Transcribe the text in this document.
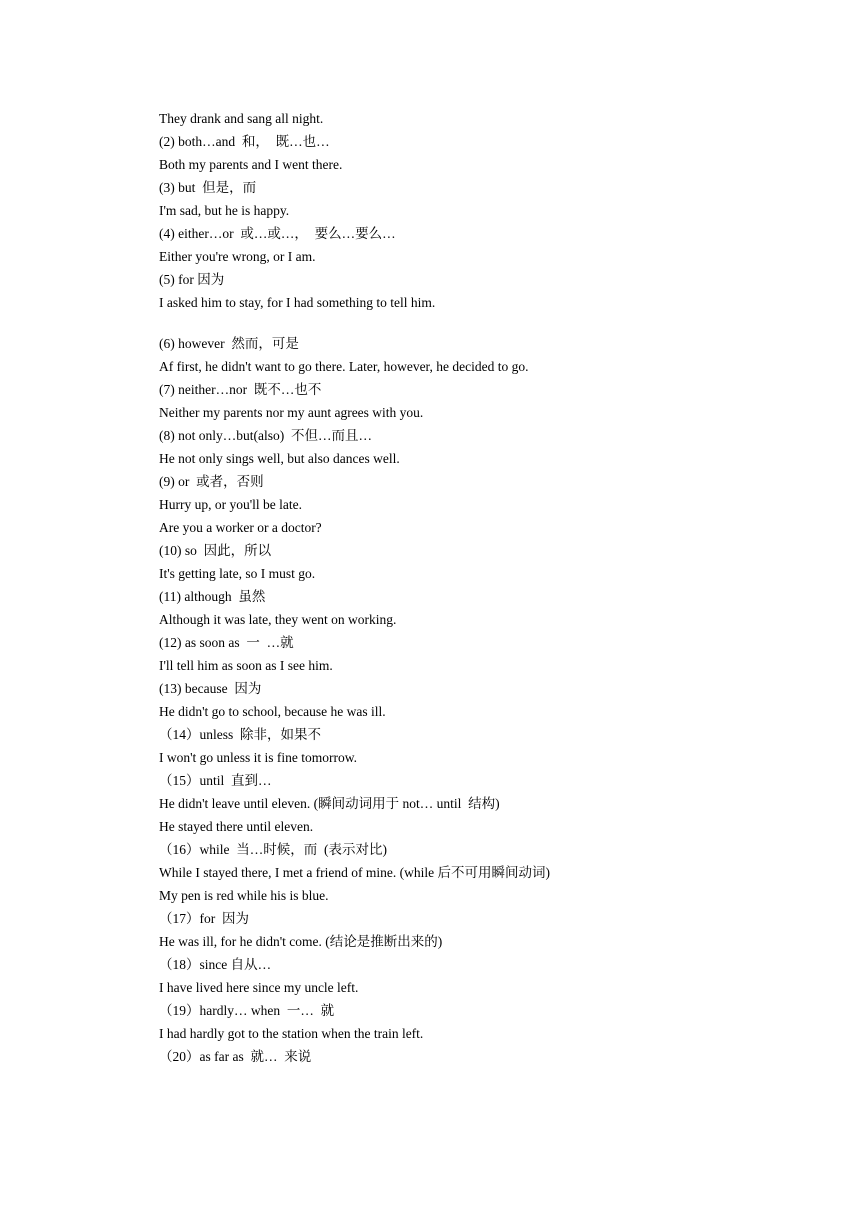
They drank and sang all night.
(2) both…and  和，  既…也…
Both my parents and I went there.
(3) but  但是，而
I'm sad, but he is happy.
(4) either…or  或…或…，  要么…要么…
Either you're wrong, or I am.
(5) for 因为
I asked him to stay, for I had something to tell him.
(6) however  然而，可是
Af first, he didn't want to go there. Later, however, he decided to go.
(7) neither…nor  既不…也不
Neither my parents nor my aunt agrees with you.
(8) not only…but(also)  不但…而且…
He not only sings well, but also dances well.
(9) or  或者，否则
Hurry up, or you'll be late.
Are you a worker or a doctor?
(10) so  因此，所以
It's getting late, so I must go.
(11) although  虽然
Although it was late, they went on working.
(12) as soon as  一  …就
I'll tell him as soon as I see him.
(13) because  因为
He didn't go to school, because he was ill.
（14）unless  除非，如果不
I won't go unless it is fine tomorrow.
（15）until  直到…
He didn't leave until eleven. (瞬间动词用于 not… until  结构)
He stayed there until eleven.
（16）while  当…时候，而  (表示对比)
While I stayed there, I met a friend of mine. (while 后不可用瞬间动词)
My pen is red while his is blue.
（17）for  因为
He was ill, for he didn't come. (结论是推断出来的)
（18）since 自从…
I have lived here since my uncle left.
（19）hardly… when  一…  就
I had hardly got to the station when the train left.
（20）as far as  就…  来说
